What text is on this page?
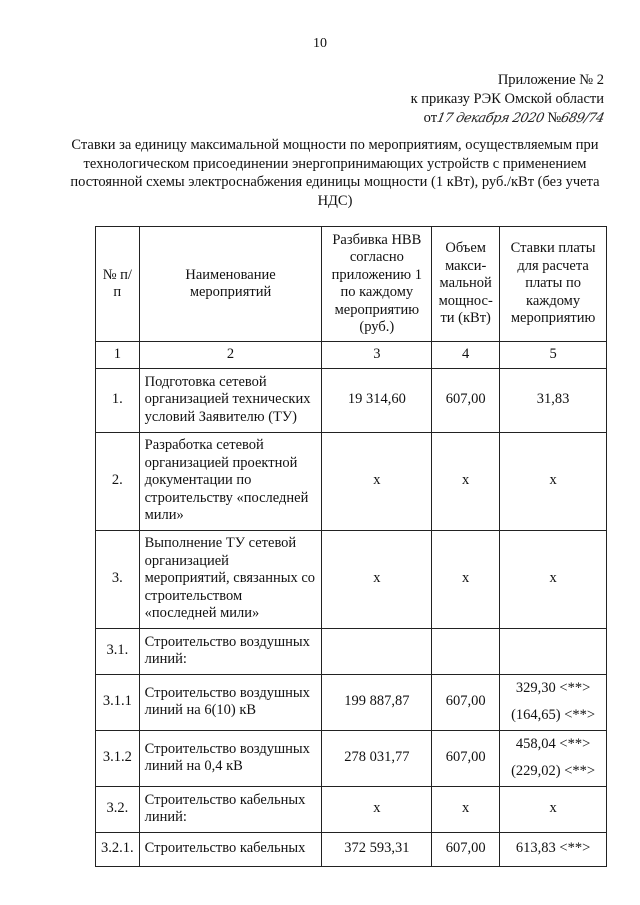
10
Приложение № 2
к приказу РЭК Омской области
от17 декабря 2020 №689/74
Ставки за единицу максимальной мощности по мероприятиям, осуществляемым при технологическом присоединении энергопринимающих устройств с применением постоянной схемы электроснабжения единицы мощности (1 кВт), руб./кВт (без учета НДС)
№ п/п	Наименование мероприятий	Разбивка НВВ согласно приложению 1 по каждому мероприятию (руб.)	Объем макси-мальной мощнос-ти (кВт)	Ставки платы для расчета платы по каждому мероприятию
1	2	3	4	5
1.	Подготовка сетевой организацией технических условий Заявителю (ТУ)	19 314,60	607,00	31,83
2.	Разработка сетевой организацией проектной документации по строительству «последней мили»	х	х	х
3.	Выполнение ТУ сетевой организацией мероприятий, связанных со строительством «последней мили»	х	х	х
3.1.	Строительство воздушных линий:			
3.1.1	Строительство воздушных линий на 6(10) кВ	199 887,87	607,00	329,30 <**>
(164,65) <**>

3.1.2	Строительство воздушных линий на 0,4 кВ	278 031,77	607,00	458,04 <**>
(229,02) <**>

3.2.	Строительство кабельных линий:	х	х	х
3.2.1.	Строительство кабельных	372 593,31	607,00	613,83 <**>
